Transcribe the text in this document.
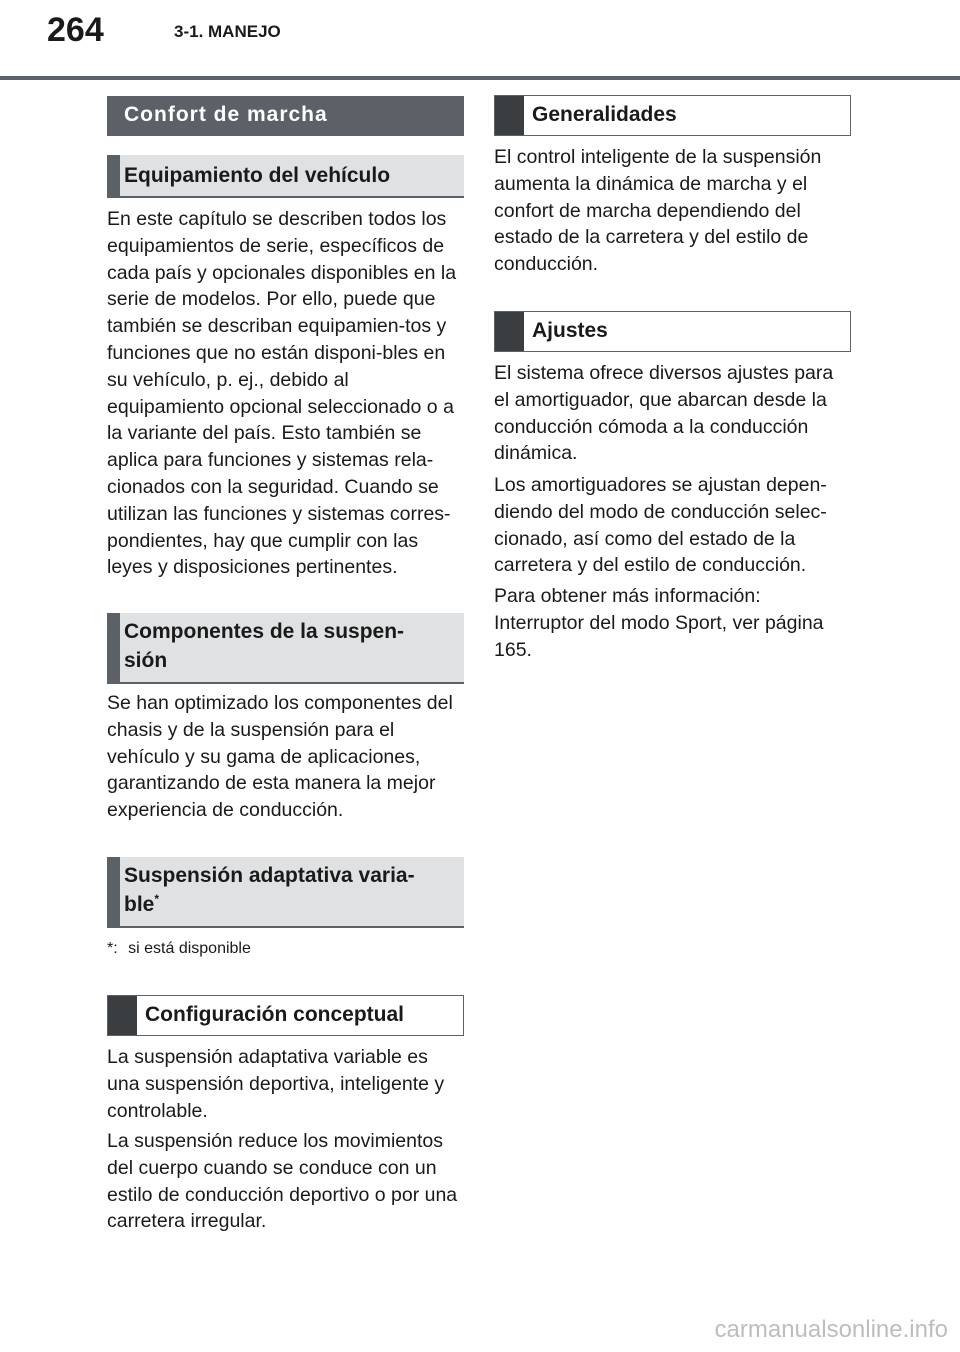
264	3-1. MANEJO
Confort de marcha
Equipamiento del vehículo

En este capítulo se describen todos los equipamientos de serie, específicos de cada país y opcionales disponibles en la serie de modelos. Por ello, puede que también se describan equipamien-tos y funciones que no están disponi-bles en su vehículo, p. ej., debido al equipamiento opcional seleccionado o a la variante del país. Esto también se aplica para funciones y sistemas rela-cionados con la seguridad. Cuando se utilizan las funciones y sistemas corres-pondientes, hay que cumplir con las leyes y disposiciones pertinentes.

Componentes de la suspen-sión

Se han optimizado los componentes del chasis y de la suspensión para el vehículo y su gama de aplicaciones, garantizando de esta manera la mejor experiencia de conducción.

Suspensión adaptativa varia-ble*

*: si está disponible

Configuración conceptual

La suspensión adaptativa variable es una suspensión deportiva, inteligente y controlable.

La suspensión reduce los movimientos del cuerpo cuando se conduce con un estilo de conducción deportivo o por una carretera irregular.

Generalidades

El control inteligente de la suspensión aumenta la dinámica de marcha y el confort de marcha dependiendo del estado de la carretera y del estilo de conducción.

Ajustes

El sistema ofrece diversos ajustes para el amortiguador, que abarcan desde la conducción cómoda a la conducción dinámica.

Los amortiguadores se ajustan depen-diendo del modo de conducción selec-cionado, así como del estado de la carretera y del estilo de conducción.

Para obtener más información: Interruptor del modo Sport, ver página 165.

carmanualsonline.info
